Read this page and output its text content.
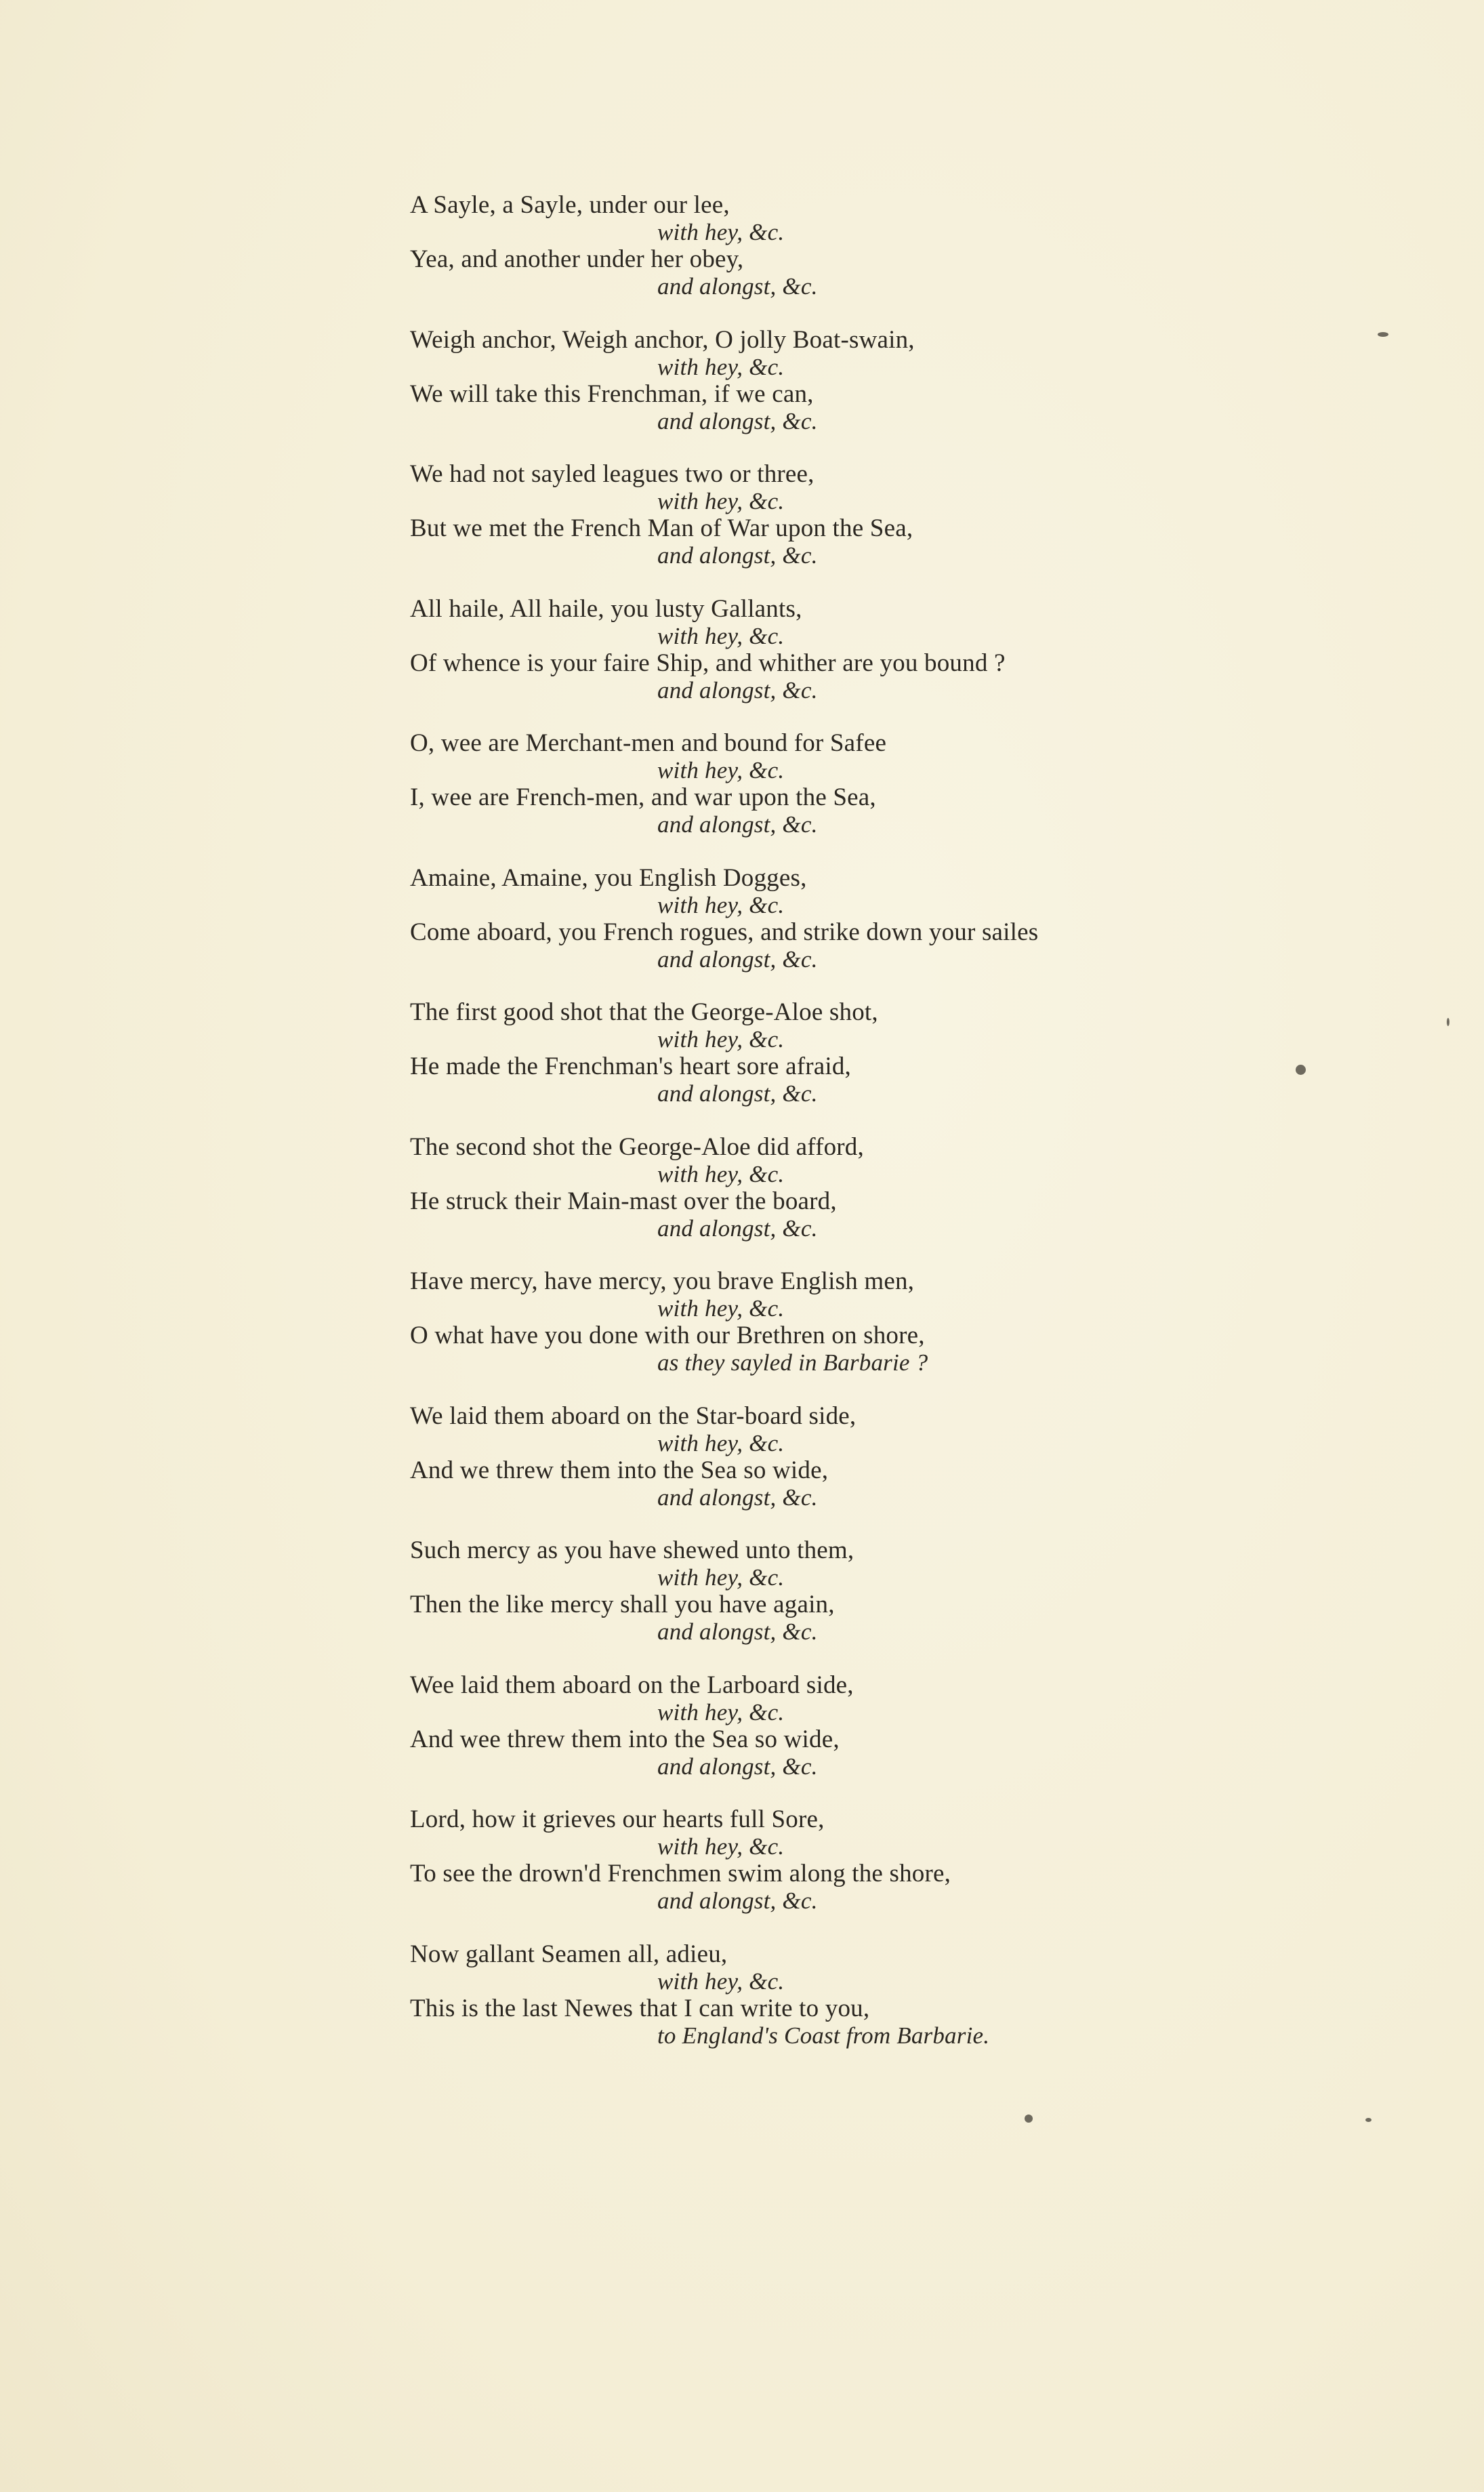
A Sayle, a Sayle, under our lee,
with hey, &c.
Yea, and another under her obey,
and alongst, &c.
Weigh anchor, Weigh anchor, O jolly Boat-swain,
with hey, &c.
We will take this Frenchman, if we can,
and alongst, &c.
We had not sayled leagues two or three,
with hey, &c.
But we met the French Man of War upon the Sea,
and alongst, &c.
All haile, All haile, you lusty Gallants,
with hey, &c.
Of whence is your faire Ship, and whither are you bound ?
and alongst, &c.
O, wee are Merchant-men and bound for Safee
with hey, &c.
I, wee are French-men, and war upon the Sea,
and alongst, &c.
Amaine, Amaine, you English Dogges,
with hey, &c.
Come aboard, you French rogues, and strike down your sailes
and alongst, &c.
The first good shot that the George-Aloe shot,
with hey, &c.
He made the Frenchman's heart sore afraid,
and alongst, &c.
The second shot the George-Aloe did afford,
with hey, &c.
He struck their Main-mast over the board,
and alongst, &c.
Have mercy, have mercy, you brave English men,
with hey, &c.
O what have you done with our Brethren on shore,
as they sayled in Barbarie ?
We laid them aboard on the Star-board side,
with hey, &c.
And we threw them into the Sea so wide,
and alongst, &c.
Such mercy as you have shewed unto them,
with hey, &c.
Then the like mercy shall you have again,
and alongst, &c.
Wee laid them aboard on the Larboard side,
with hey, &c.
And wee threw them into the Sea so wide,
and alongst, &c.
Lord, how it grieves our hearts full Sore,
with hey, &c.
To see the drown'd Frenchmen swim along the shore,
and alongst, &c.
Now gallant Seamen all, adieu,
with hey, &c.
This is the last Newes that I can write to you,
to England's Coast from Barbarie.
